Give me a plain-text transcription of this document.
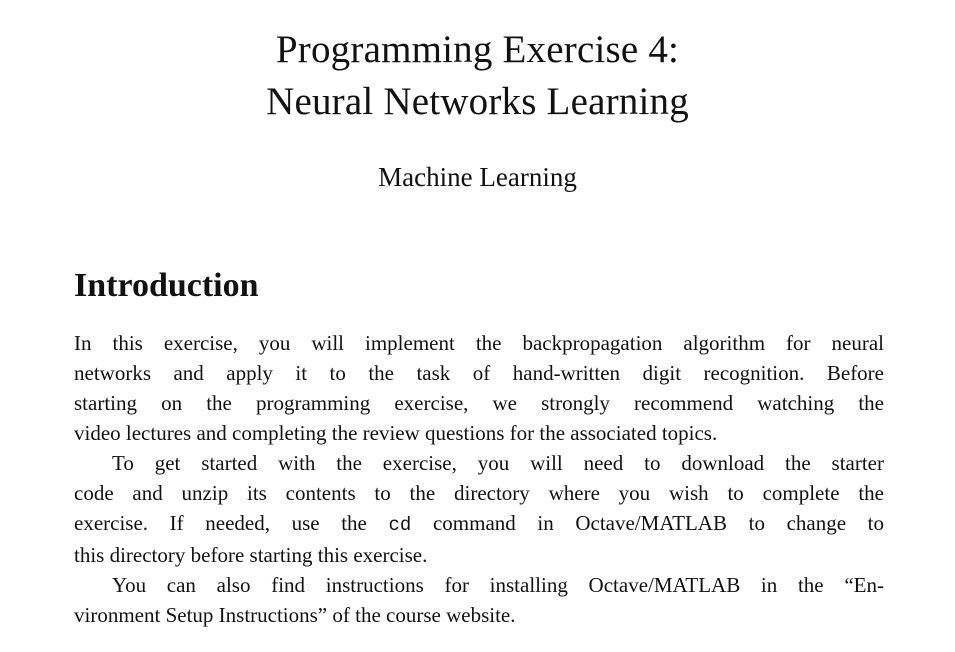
Programming Exercise 4:
Neural Networks Learning
Machine Learning
Introduction

In this exercise, you will implement the backpropagation algorithm for neural
networks and apply it to the task of hand-written digit recognition. Before
starting on the programming exercise, we strongly recommend watching the
video lectures and completing the review questions for the associated topics.

To get started with the exercise, you will need to download the starter
code and unzip its contents to the directory where you wish to complete the
exercise. If needed, use the cd command in Octave/MATLAB to change to
this directory before starting this exercise.

You can also find instructions for installing Octave/MATLAB in the “En-
vironment Setup Instructions” of the course website.
